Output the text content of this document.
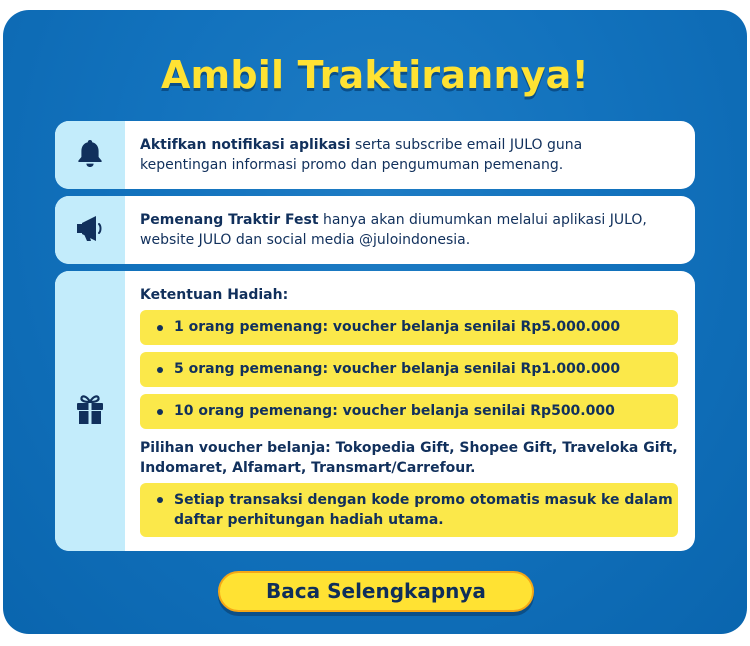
Ambil Traktirannya!
Aktifkan notifikasi aplikasi serta subscribe email JULO guna
kepentingan informasi promo dan pengumuman pemenang.
Pemenang Traktir Fest hanya akan diumumkan melalui aplikasi JULO,
website JULO dan social media @juloindonesia.
Ketentuan Hadiah:
1 orang pemenang: voucher belanja senilai Rp5.000.000
5 orang pemenang: voucher belanja senilai Rp1.000.000
10 orang pemenang: voucher belanja senilai Rp500.000
Pilihan voucher belanja: Tokopedia Gift, Shopee Gift, Traveloka Gift,
Indomaret, Alfamart, Transmart/Carrefour.
Setiap transaksi dengan kode promo otomatis masuk ke dalam
daftar perhitungan hadiah utama.
Baca Selengkapnya
